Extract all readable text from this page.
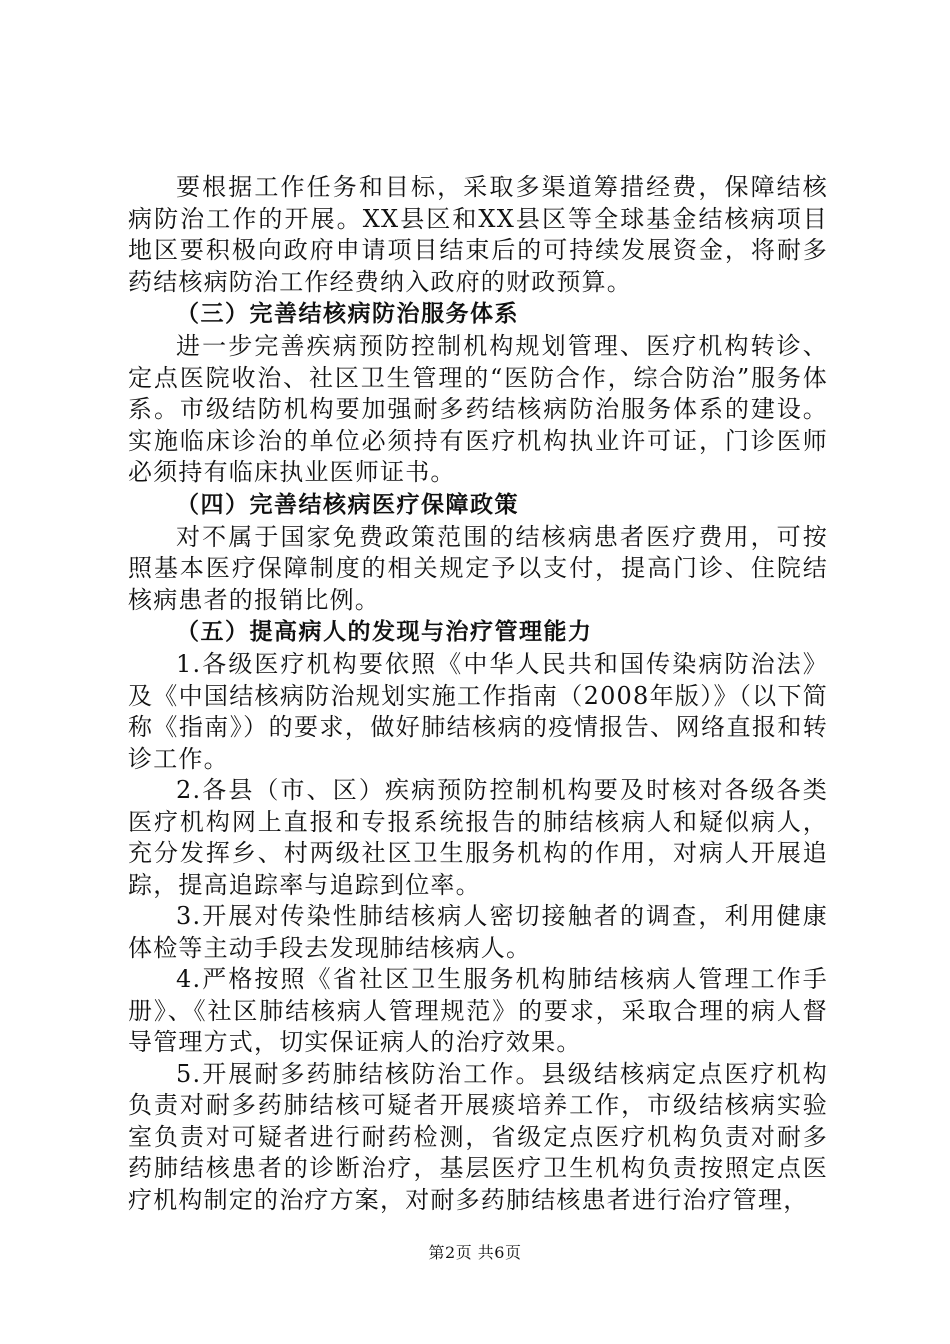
要根据工作任务和目标，采取多渠道筹措经费，保障结核病防治工作的开展。XX县区和XX县区等全球基金结核病项目地区要积极向政府申请项目结束后的可持续发展资金，将耐多药结核病防治工作经费纳入政府的财政预算。

（三）完善结核病防治服务体系

进一步完善疾病预防控制机构规划管理、医疗机构转诊、定点医院收治、社区卫生管理的“医防合作，综合防治”服务体系。市级结防机构要加强耐多药结核病防治服务体系的建设。实施临床诊治的单位必须持有医疗机构执业许可证，门诊医师必须持有临床执业医师证书。

（四）完善结核病医疗保障政策

对不属于国家免费政策范围的结核病患者医疗费用，可按照基本医疗保障制度的相关规定予以支付，提高门诊、住院结核病患者的报销比例。

（五）提高病人的发现与治疗管理能力

1.各级医疗机构要依照《中华人民共和国传染病防治法》及《中国结核病防治规划实施工作指南（2008年版）》（以下简称《指南》）的要求，做好肺结核病的疫情报告、网络直报和转诊工作。

2.各县（市、区）疾病预防控制机构要及时核对各级各类医疗机构网上直报和专报系统报告的肺结核病人和疑似病人，充分发挥乡、村两级社区卫生服务机构的作用，对病人开展追踪，提高追踪率与追踪到位率。

3.开展对传染性肺结核病人密切接触者的调查，利用健康体检等主动手段去发现肺结核病人。

4.严格按照《省社区卫生服务机构肺结核病人管理工作手册》、《社区肺结核病人管理规范》的要求，采取合理的病人督导管理方式，切实保证病人的治疗效果。

5.开展耐多药肺结核防治工作。县级结核病定点医疗机构负责对耐多药肺结核可疑者开展痰培养工作，市级结核病实验室负责对可疑者进行耐药检测，省级定点医疗机构负责对耐多药肺结核患者的诊断治疗，基层医疗卫生机构负责按照定点医疗机构制定的治疗方案，对耐多药肺结核患者进行治疗管理，

第2页 共6页
